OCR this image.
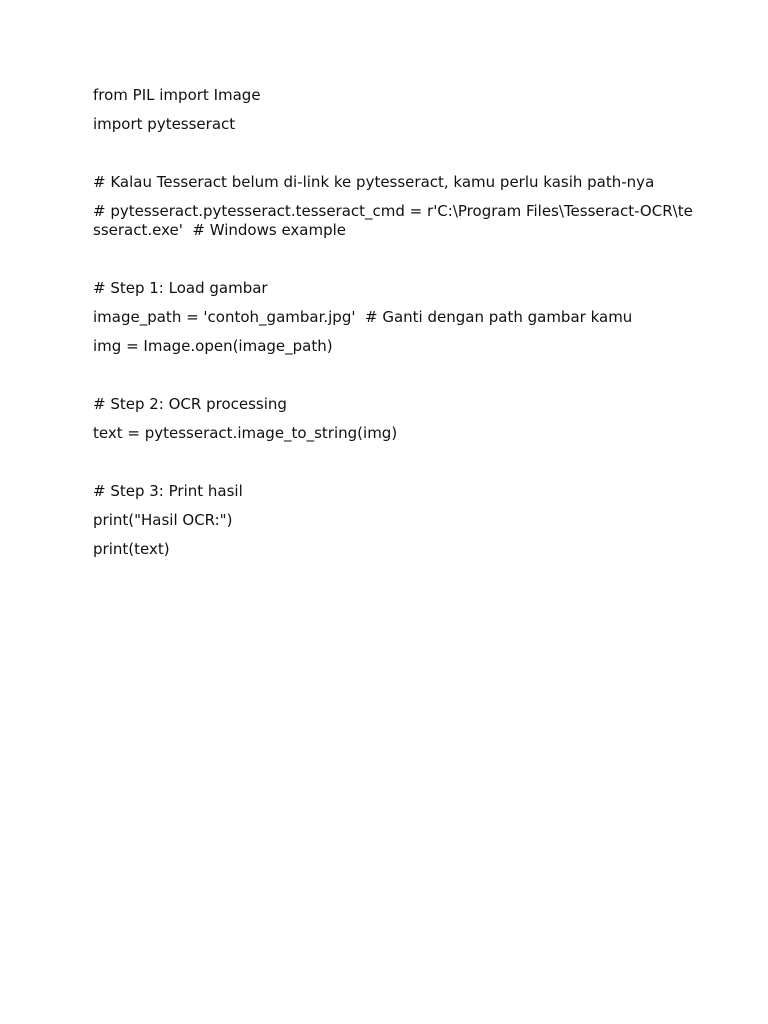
from PIL import Image

import pytesseract

# Kalau Tesseract belum di-link ke pytesseract, kamu perlu kasih path-nya

# pytesseract.pytesseract.tesseract_cmd = r'C:\Program Files\Tesseract-OCR\tesseract.exe'  # Windows example

# Step 1: Load gambar

image_path = 'contoh_gambar.jpg'  # Ganti dengan path gambar kamu

img = Image.open(image_path)

# Step 2: OCR processing

text = pytesseract.image_to_string(img)

# Step 3: Print hasil

print("Hasil OCR:")

print(text)
